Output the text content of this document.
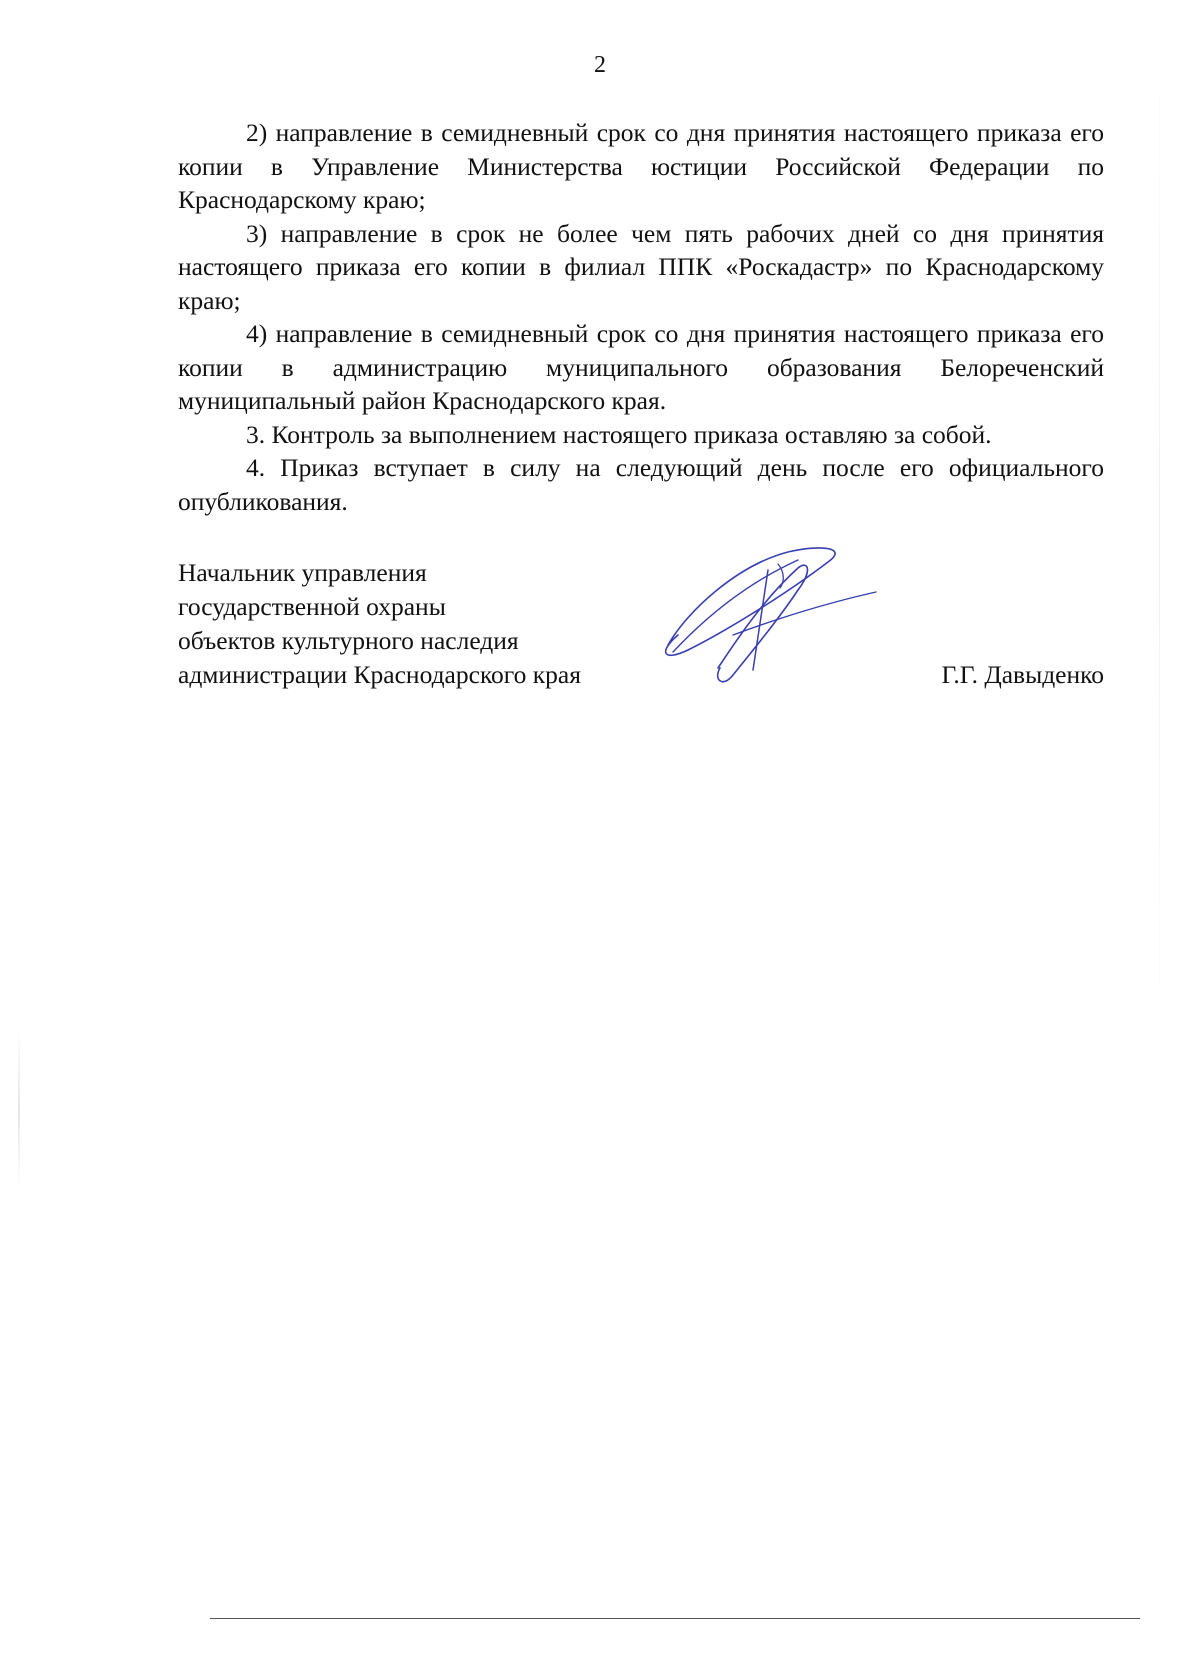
2

2) направление в семидневный срок со дня принятия настоящего приказа его копии в Управление Министерства юстиции Российской Федерации по Краснодарскому краю;

3) направление в срок не более чем пять рабочих дней со дня принятия настоящего приказа его копии в филиал ППК «Роскадастр» по Краснодарскому краю;

4) направление в семидневный срок со дня принятия настоящего приказа его копии в администрацию муниципального образования Белореченский муниципальный район Краснодарского края.

3. Контроль за выполнением настоящего приказа оставляю за собой.

4. Приказ вступает в силу на следующий день после его официального опубликования.

Начальник управления
государственной охраны
объектов культурного наследия
администрации Краснодарского края	Г.Г. Давыденко
